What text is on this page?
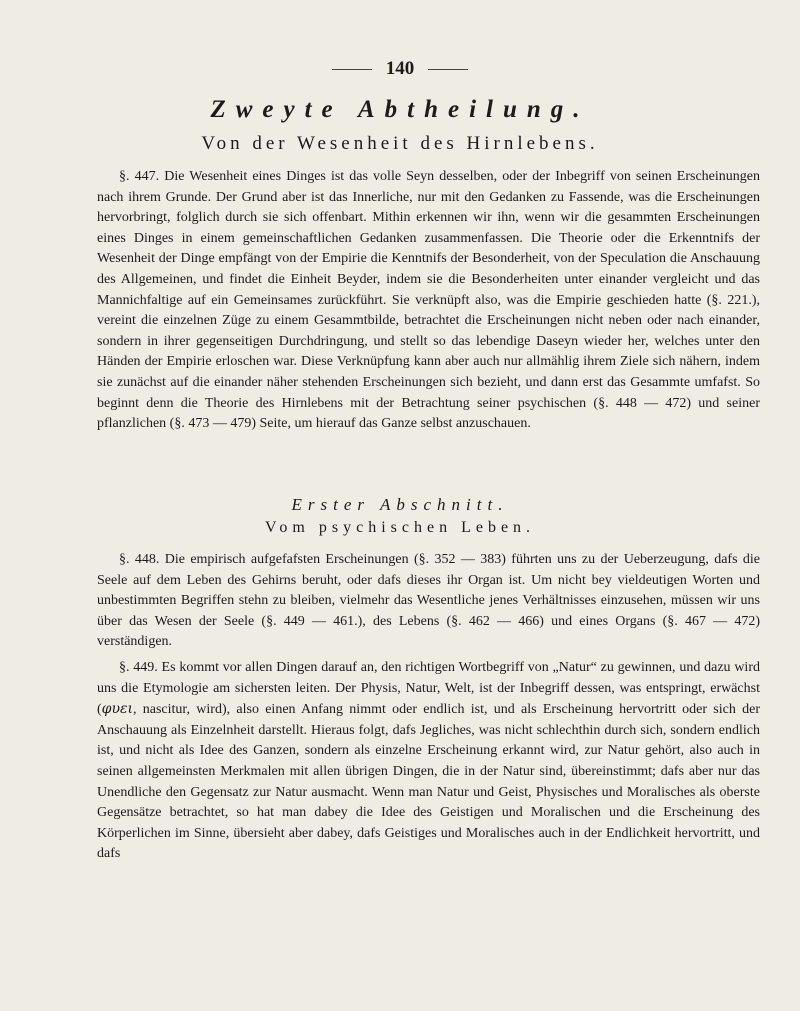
140
Zweyte Abtheilung.
Von der Wesenheit des Hirnlebens.

§. 447. Die Wesenheit eines Dinges ist das volle Seyn desselben, oder der Inbegriff von seinen Erscheinungen nach ihrem Grunde. Der Grund aber ist das Innerliche, nur mit den Gedanken zu Fassende, was die Erscheinungen hervorbringt, folglich durch sie sich offenbart. Mithin erkennen wir ihn, wenn wir die gesammten Erscheinungen eines Dinges in einem gemeinschaftlichen Gedanken zusammenfassen. Die Theorie oder die Erkenntnifs der Wesenheit der Dinge empfängt von der Empirie die Kenntnifs der Besonderheit, von der Speculation die Anschauung des Allgemeinen, und findet die Einheit Beyder, indem sie die Besonderheiten unter einander vergleicht und das Mannichfaltige auf ein Gemeinsames zurückführt. Sie verknüpft also, was die Empirie geschieden hatte (§. 221.), vereint die einzelnen Züge zu einem Gesammtbilde, betrachtet die Erscheinungen nicht neben oder nach einander, sondern in ihrer gegenseitigen Durchdringung, und stellt so das lebendige Daseyn wieder her, welches unter den Händen der Empirie erloschen war. Diese Verknüpfung kann aber auch nur allmählig ihrem Ziele sich nähern, indem sie zunächst auf die einander näher stehenden Erscheinungen sich bezieht, und dann erst das Gesammte umfafst. So beginnt denn die Theorie des Hirnlebens mit der Betrachtung seiner psychischen (§. 448 — 472) und seiner pflanzlichen (§. 473 — 479) Seite, um hierauf das Ganze selbst anzuschauen.

Erster Abschnitt.
Vom psychischen Leben.

§. 448. Die empirisch aufgefafsten Erscheinungen (§. 352 — 383) führten uns zu der Ueberzeugung, dafs die Seele auf dem Leben des Gehirns beruht, oder dafs dieses ihr Organ ist. Um nicht bey vieldeutigen Worten und unbestimmten Begriffen stehn zu bleiben, vielmehr das Wesentliche jenes Verhältnisses einzusehen, müssen wir uns über das Wesen der Seele (§. 449 — 461.), des Lebens (§. 462 — 466) und eines Organs (§. 467 — 472) verständigen.

§. 449. Es kommt vor allen Dingen darauf an, den richtigen Wortbegriff von „Natur“ zu gewinnen, und dazu wird uns die Etymologie am sichersten leiten. Der Physis, Natur, Welt, ist der Inbegriff dessen, was entspringt, erwächst (φυει, nascitur, wird), also einen Anfang nimmt oder endlich ist, und als Erscheinung hervortritt oder sich der Anschauung als Einzelnheit darstellt. Hieraus folgt, dafs Jegliches, was nicht schlechthin durch sich, sondern endlich ist, und nicht als Idee des Ganzen, sondern als einzelne Erscheinung erkannt wird, zur Natur gehört, also auch in seinen allgemeinsten Merkmalen mit allen übrigen Dingen, die in der Natur sind, übereinstimmt; dafs aber nur das Unendliche den Gegensatz zur Natur ausmacht. Wenn man Natur und Geist, Physisches und Moralisches als oberste Gegensätze betrachtet, so hat man dabey die Idee des Geistigen und Moralischen und die Erscheinung des Körperlichen im Sinne, übersieht aber dabey, dafs Geistiges und Moralisches auch in der Endlichkeit hervortritt, und dafs
